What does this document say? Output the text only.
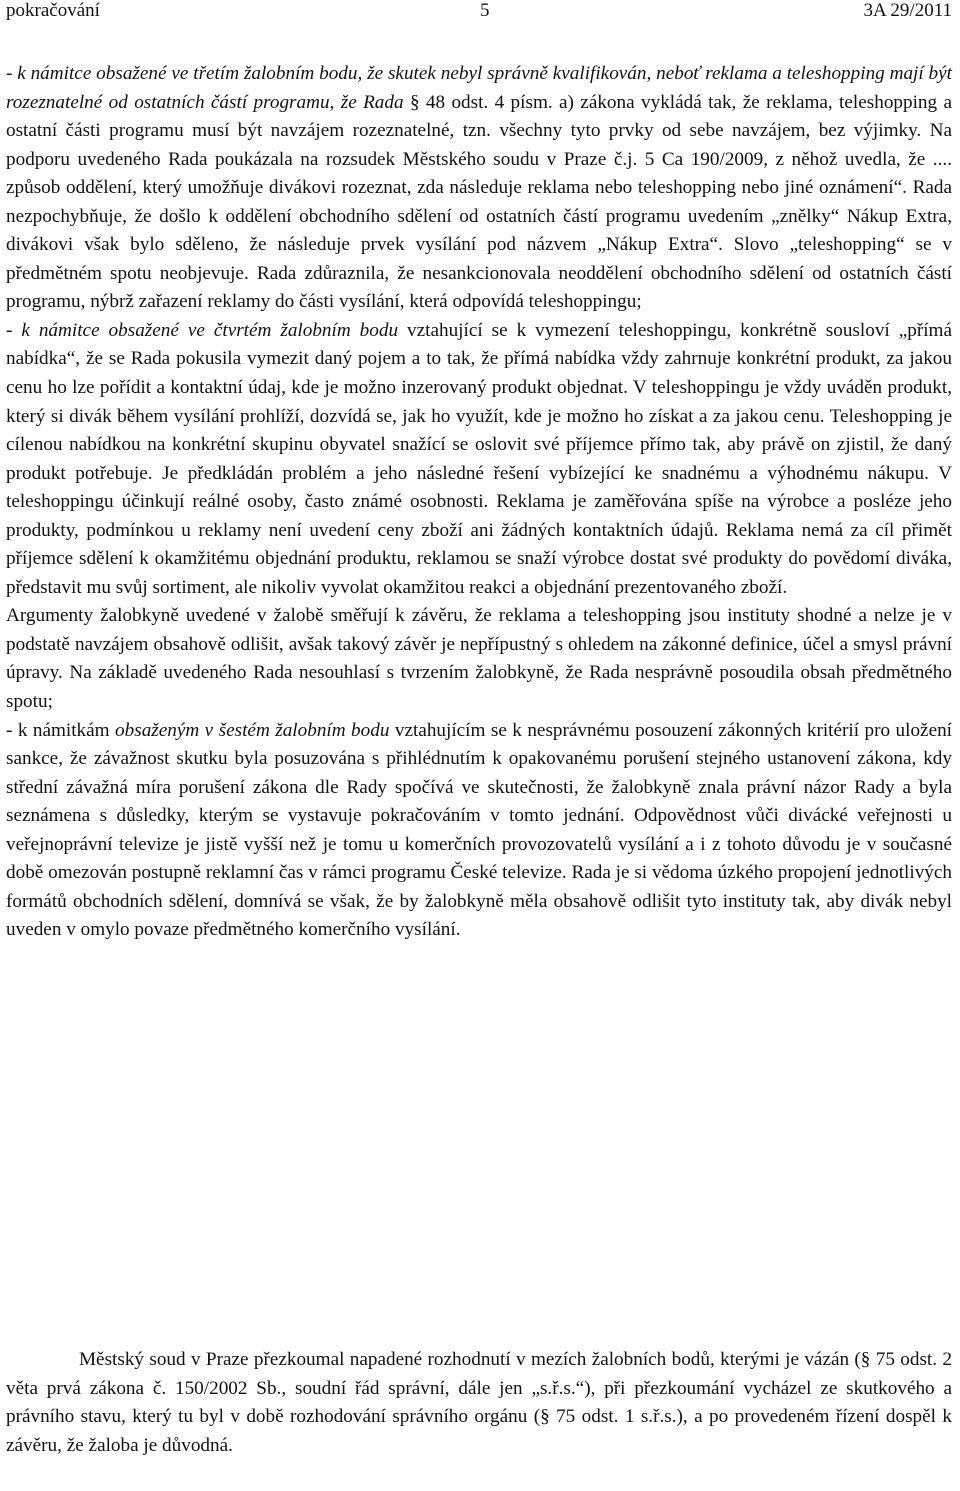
pokračování	5	3A 29/2011

- k námitce obsažené ve třetím žalobním bodu, že skutek nebyl správně kvalifikován, neboť reklama a teleshopping mají být rozeznatelné od ostatních částí programu, že Rada § 48 odst. 4 písm. a) zákona vykládá tak, že reklama, teleshopping a ostatní části programu musí být navzájem rozeznatelné, tzn. všechny tyto prvky od sebe navzájem, bez výjimky. Na podporu uvedeného Rada poukázala na rozsudek Městského soudu v Praze č.j. 5 Ca 190/2009, z něhož uvedla, že .... způsob oddělení, který umožňuje divákovi rozeznat, zda následuje reklama nebo teleshopping nebo jiné oznámení“. Rada nezpochybňuje, že došlo k oddělení obchodního sdělení od ostatních částí programu uvedením „znělky“ Nákup Extra, divákovi však bylo sděleno, že následuje prvek vysílání pod názvem „Nákup Extra“. Slovo „teleshopping“ se v předmětném spotu neobjevuje. Rada zdůraznila, že nesankcionovala neoddělení obchodního sdělení od ostatních částí programu, nýbrž zařazení reklamy do části vysílání, která odpovídá teleshoppingu;

- k námitce obsažené ve čtvrtém žalobním bodu vztahující se k vymezení teleshoppingu, konkrétně sousloví „přímá nabídka“, že se Rada pokusila vymezit daný pojem a to tak, že přímá nabídka vždy zahrnuje konkrétní produkt, za jakou cenu ho lze pořídit a kontaktní údaj, kde je možno inzerovaný produkt objednat. V teleshoppingu je vždy uváděn produkt, který si divák během vysílání prohlíží, dozvídá se, jak ho využít, kde je možno ho získat a za jakou cenu. Teleshopping je cílenou nabídkou na konkrétní skupinu obyvatel snažící se oslovit své příjemce přímo tak, aby právě on zjistil, že daný produkt potřebuje. Je předkládán problém a jeho následné řešení vybízející ke snadnému a výhodnému nákupu. V teleshoppingu účinkují reálné osoby, často známé osobnosti. Reklama je zaměřována spíše na výrobce a posléze jeho produkty, podmínkou u reklamy není uvedení ceny zboží ani žádných kontaktních údajů. Reklama nemá za cíl přimět příjemce sdělení k okamžitému objednání produktu, reklamou se snaží výrobce dostat své produkty do povědomí diváka, představit mu svůj sortiment, ale nikoliv vyvolat okamžitou reakci a objednání prezentovaného zboží.

Argumenty žalobkyně uvedené v žalobě směřují k závěru, že reklama a teleshopping jsou instituty shodné a nelze je v podstatě navzájem obsahově odlišit, avšak takový závěr je nepřípustný s ohledem na zákonné definice, účel a smysl právní úpravy. Na základě uvedeného Rada nesouhlasí s tvrzením žalobkyně, že Rada nesprávně posoudila obsah předmětného spotu;

- k námitkám obsaženým v šestém žalobním bodu vztahujícím se k nesprávnému posouzení zákonných kritérií pro uložení sankce, že závažnost skutku byla posuzována s přihlédnutím k opakovanému porušení stejného ustanovení zákona, kdy střední závažná míra porušení zákona dle Rady spočívá ve skutečnosti, že žalobkyně znala právní názor Rady a byla seznámena s důsledky, kterým se vystavuje pokračováním v tomto jednání. Odpovědnost vůči divácké veřejnosti u veřejnoprávní televize je jistě vyšší než je tomu u komerčních provozovatelů vysílání a i z tohoto důvodu je v současné době omezován postupně reklamní čas v rámci programu České televize. Rada je si vědoma úzkého propojení jednotlivých formátů obchodních sdělení, domnívá se však, že by žalobkyně měla obsahově odlišit tyto instituty tak, aby divák nebyl uveden v omylo povaze předmětného komerčního vysílání.

Městský soud v Praze přezkoumal napadené rozhodnutí v mezích žalobních bodů, kterými je vázán (§ 75 odst. 2 věta prvá zákona č. 150/2002 Sb., soudní řád správní, dále jen „s.ř.s.“), při přezkoumání vycházel ze skutkového a právního stavu, který tu byl v době rozhodování správního orgánu (§ 75 odst. 1 s.ř.s.), a po provedeném řízení dospěl k závěru, že žaloba je důvodná.
